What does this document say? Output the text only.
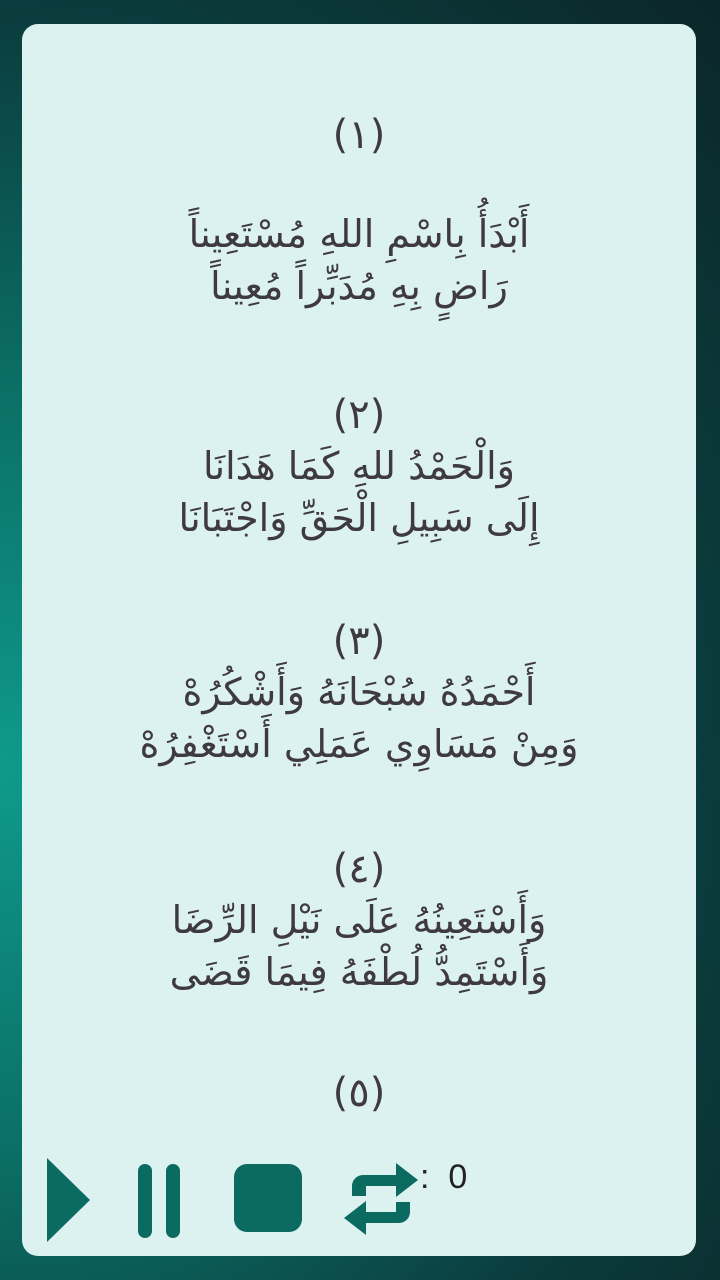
(١)
أَبْدَأُ بِاسْمِ اللهِ مُسْتَعِيناً
رَاضٍ بِهِ مُدَبِّراً مُعِيناً
(٢)
وَالْحَمْدُ للهِ كَمَا هَدَانَا
إِلَى سَبِيلِ الْحَقِّ وَاجْتَبَانَا
(٣)
أَحْمَدُهُ سُبْحَانَهُ وَأَشْكُرُهْ
وَمِنْ مَسَاوِي عَمَلِي أَسْتَغْفِرُهْ
(٤)
وَأَسْتَعِينُهُ عَلَى نَيْلِ الرِّضَا
وَأَسْتَمِدُّ لُطْفَهُ فِيمَا قَضَى
(٥)
:  0
